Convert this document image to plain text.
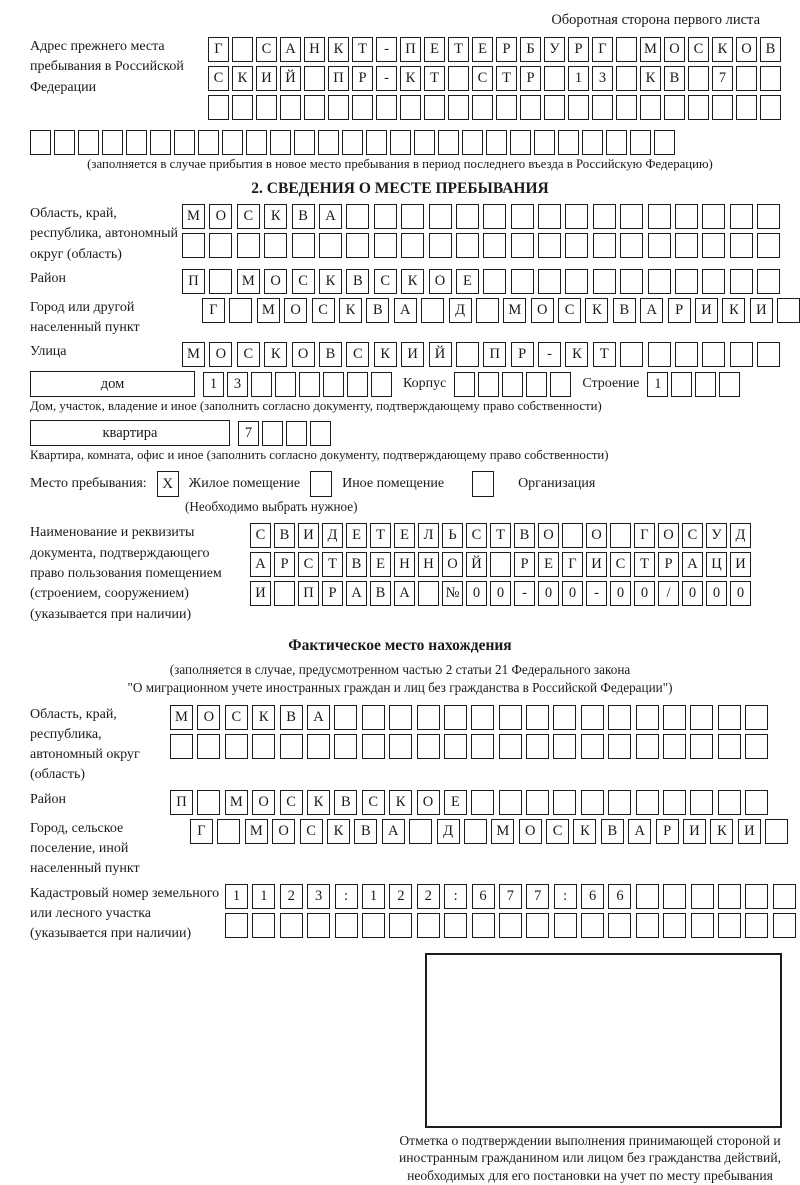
Оборотная сторона первого листа
Адрес прежнего места пребывания в Российской Федерации
Г	С А Н К	Т	-	П Е	Т	Е	Р	Б	У	Р	Г	М О С К О В
С К И Й	П	Р	-	К	Т	С	Т	Р	1	3	К В	7
(заполняется в случае прибытия в новое место пребывания в период последнего въезда в Российскую Федерацию)
2. СВЕДЕНИЯ О МЕСТЕ ПРЕБЫВАНИЯ
Область, край, республика, автономный округ (область)
М	О	С	К	В	А
Район	П	М	О	С	К	В	С	К	О	Е
Город или другой населенный пункт
Г	М	О	С	К	В	А	Д	М	О	С	К	В	А	Р	И	К	И
Улица	М	О	С	К	О	В	С	К	И	Й	П	Р	-	К	Т
дом	1	3	Корпус	Строение	1
Дом, участок, владение и иное (заполнить согласно документу, подтверждающему право собственности)
квартира	7
Квартира, комната, офис и иное (заполнить согласно документу, подтверждающему право собственности)
Место пребывания:	X	Жилое помещение	Иное помещение	Организация
(Необходимо выбрать нужное)
Наименование и реквизиты документа, подтверждающего право пользования помещением (строением, сооружением) (указывается при наличии)
С В И Д	Е	Т	Е	Л	Ь	С	Т	В О	О	Г	О С У Д
А	Р	С	Т	В	Е Н Н О Й	Р	Е	Г	И С	Т	Р	А Ц И
И	П	Р	А В А	№ 0	0	-	0	0	-	0	0	/	0	0	0
Фактическое место нахождения
(заполняется в случае, предусмотренном частью 2 статьи 21 Федерального закона
"О миграционном учете иностранных граждан и лиц без гражданства в Российской Федерации")
Область, край, республика, автономный округ (область)
М	О	С	К	В	А
Район	П	М	О	С	К	В	С	К	О	Е
Город, сельское поселение, иной населенный пункт
Г	М	О	С	К	В	А	Д	М	О	С	К	В	А	Р	И	К	И
Кадастровый номер земельного или лесного участка (указывается при наличии)
1	1	2	3	:	1	2	2	:	6	7	7	:	6	6
Отметка о подтверждении выполнения принимающей стороной и иностранным гражданином или лицом без гражданства действий, необходимых для его постановки на учет по месту пребывания
